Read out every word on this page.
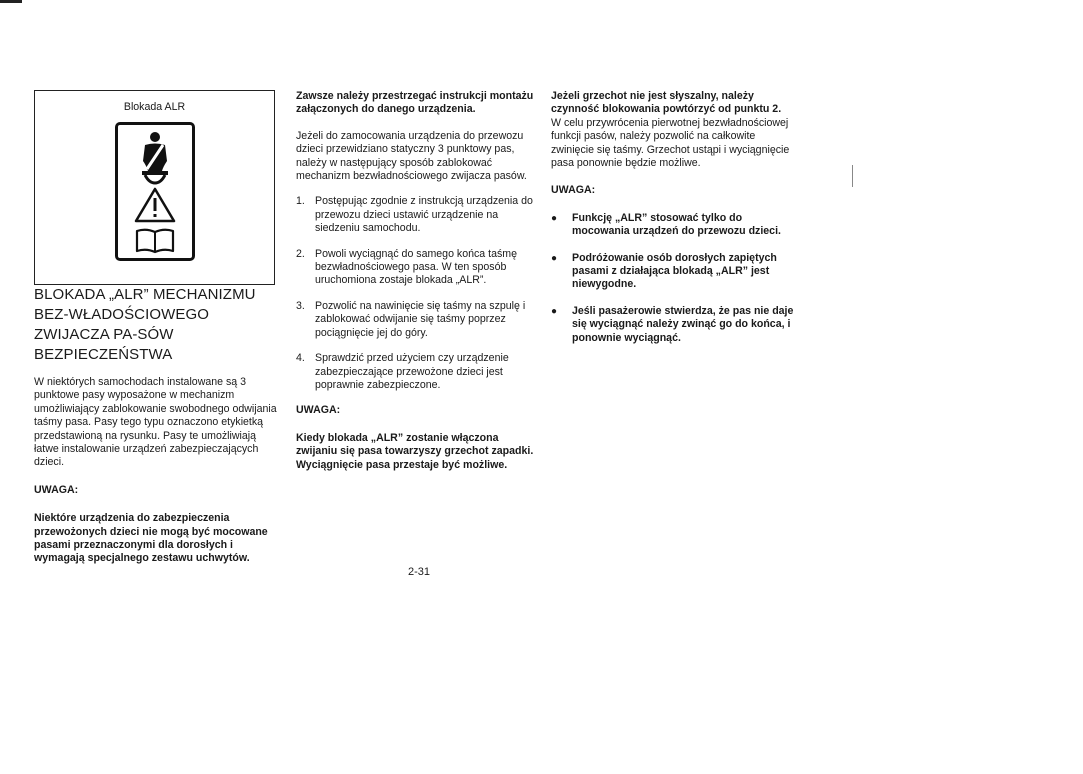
Blokada ALR

BLOKADA „ALR” MECHANIZMU BEZ-WŁADOŚCIOWEGO ZWIJACZA PA-SÓW BEZPIECZEŃSTWA

W niektórych samochodach instalowane są 3 punktowe pasy wyposażone w mechanizm umożliwiający zablokowanie swobodnego odwijania taśmy pasa. Pasy tego typu oznaczono etykietką przedstawioną na rysunku. Pasy te umożliwiają łatwe instalowanie urządzeń zabezpieczających dzieci.

UWAGA:

Niektóre urządzenia do zabezpieczenia przewożonych dzieci nie mogą być mocowane pasami przeznaczonymi dla dorosłych i wymagają specjalnego zestawu uchwytów.

Zawsze należy przestrzegać instrukcji montażu załączonych do danego urządzenia.

Jeżeli do zamocowania urządzenia do przewozu dzieci przewidziano statyczny 3 punktowy pas, należy w następujący sposób zablokować mechanizm bezwładnościowego zwijacza pasów.

1. Postępując zgodnie z instrukcją urządzenia do przewozu dzieci ustawić urządzenie na siedzeniu samochodu.
2. Powoli wyciągnąć do samego końca taśmę bezwładnościowego pasa. W ten sposób uruchomiona zostaje blokada „ALR”.
3. Pozwolić na nawinięcie się taśmy na szpulę i zablokować odwijanie się taśmy poprzez pociągnięcie jej do góry.
4. Sprawdzić przed użyciem czy urządzenie zabezpieczające przewożone dzieci jest poprawnie zabezpieczone.

UWAGA:

Kiedy blokada „ALR” zostanie włączona zwijaniu się pasa towarzyszy grzechot zapadki. Wyciągnięcie pasa przestaje być możliwe.

Jeżeli grzechot nie jest słyszalny, należy czynność blokowania powtórzyć od punktu 2.

W celu przywrócenia pierwotnej bezwładnościowej funkcji pasów, należy pozwolić na całkowite zwinięcie się taśmy. Grzechot ustąpi i wyciągnięcie pasa ponownie będzie możliwe.

UWAGA:

●	Funkcję „ALR” stosować tylko do mocowania urządzeń do przewozu dzieci.
●	Podróżowanie osób dorosłych zapiętych pasami z działająca blokadą „ALR” jest niewygodne.
●	Jeśli pasażerowie stwierdza, że pas nie daje się wyciągnąć należy zwinąć go do końca, i ponownie wyciągnąć.
2-31
